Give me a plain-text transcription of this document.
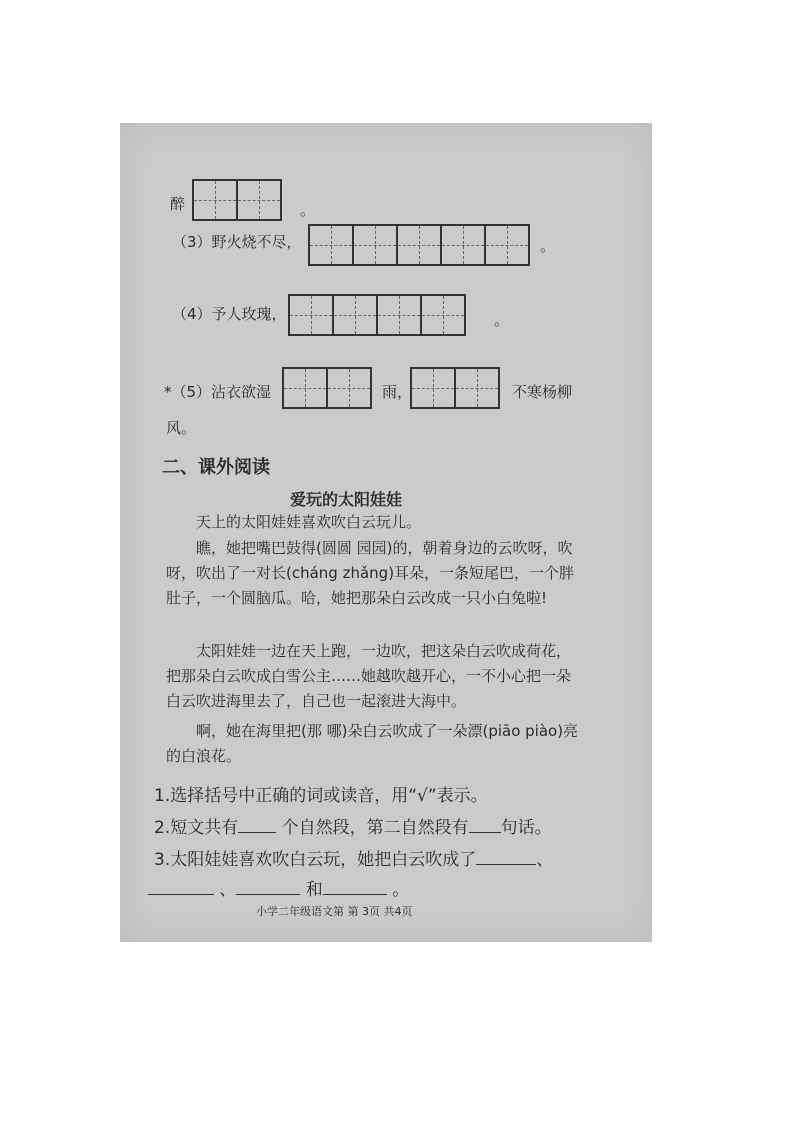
醉	。
（3）野火烧不尽，	。
（4）予人玫瑰，	。
*（5）沾衣欲湿	雨，	不寒杨柳
风。
二、课外阅读
爱玩的太阳娃娃
天上的太阳娃娃喜欢吹白云玩儿。
瞧，她把嘴巴鼓得(圆圆 园园)的，朝着身边的云吹呀，吹呀，吹出了一对长(cháng zhǎng)耳朵，一条短尾巴，一个胖肚子，一个圆脑瓜。哈，她把那朵白云改成一只小白兔啦!
太阳娃娃一边在天上跑，一边吹，把这朵白云吹成荷花，把那朵白云吹成白雪公主……她越吹越开心，一不小心把一朵白云吹进海里去了，自己也一起滚进大海中。
啊，她在海里把(那 哪)朵白云吹成了一朵漂(piāo piào)亮的白浪花。
1.选择括号中正确的词或读音，用“√”表示。
2.短文共有 个自然段，第二自然段有 句话。
3.太阳娃娃喜欢吹白云玩，她把白云吹成了	、
、	和	。
小学二年级语文第 第 3页 共4页
